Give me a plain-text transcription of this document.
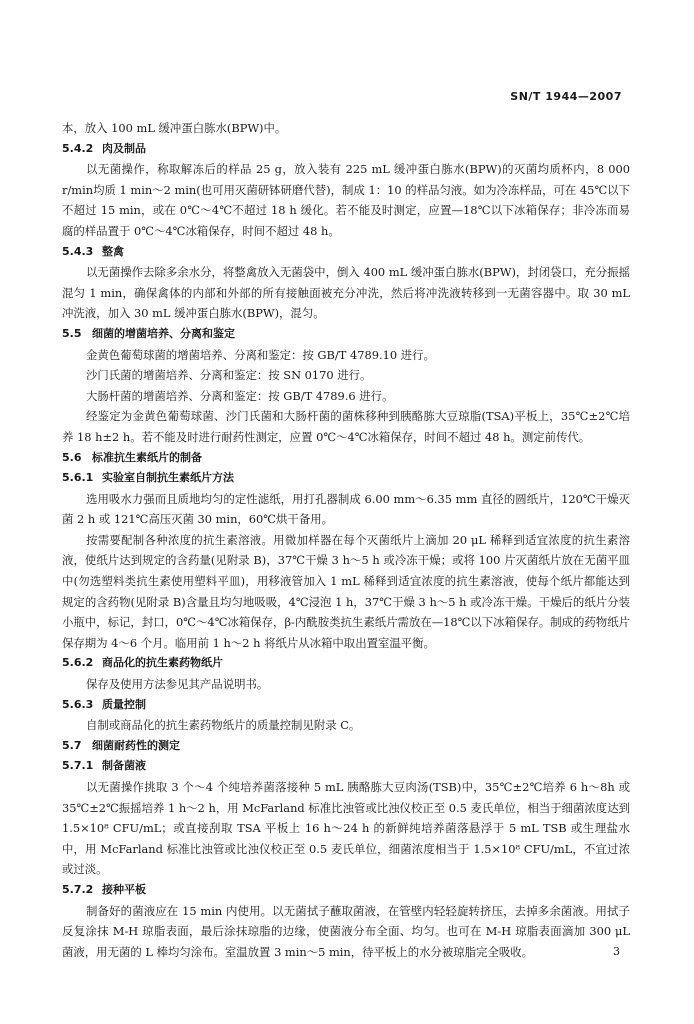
SN/T 1944—2007

本，放入 100 mL 缓冲蛋白胨水(BPW)中。

5.4.2 肉及制品

以无菌操作，称取解冻后的样品 25 g，放入装有 225 mL 缓冲蛋白胨水(BPW)的灭菌均质杯内，8 000 r/min均质 1 min～2 min(也可用灭菌研钵研磨代替)，制成 1：10 的样品匀液。如为冷冻样品，可在 45℃以下不超过 15 min，或在 0℃～4℃不超过 18 h 缓化。若不能及时测定，应置—18℃以下冰箱保存；非冷冻而易腐的样品置于 0℃～4℃冰箱保存，时间不超过 48 h。

5.4.3 整禽

以无菌操作去除多余水分，将整禽放入无菌袋中，倒入 400 mL 缓冲蛋白胨水(BPW)，封闭袋口，充分振摇混匀 1 min，确保禽体的内部和外部的所有接触面被充分冲洗，然后将冲洗液转移到一无菌容器中。取 30 mL 冲洗液，加入 30 mL 缓冲蛋白胨水(BPW)，混匀。

5.5 细菌的增菌培养、分离和鉴定

金黄色葡萄球菌的增菌培养、分离和鉴定：按 GB/T 4789.10 进行。

沙门氏菌的增菌培养、分离和鉴定：按 SN 0170 进行。

大肠杆菌的增菌培养、分离和鉴定：按 GB/T 4789.6 进行。

经鉴定为金黄色葡萄球菌、沙门氏菌和大肠杆菌的菌株移种到胰酪胨大豆琼脂(TSA)平板上，35℃±2℃培养 18 h±2 h。若不能及时进行耐药性测定，应置 0℃～4℃冰箱保存，时间不超过 48 h。测定前传代。

5.6 标准抗生素纸片的制备
5.6.1 实验室自制抗生素纸片方法

选用吸水力强而且质地均匀的定性滤纸，用打孔器制成 6.00 mm～6.35 mm 直径的圆纸片，120℃干燥灭菌 2 h 或 121℃高压灭菌 30 min，60℃烘干备用。

按需要配制各种浓度的抗生素溶液。用微加样器在每个灭菌纸片上滴加 20 μL 稀释到适宜浓度的抗生素溶液，使纸片达到规定的含药量(见附录 B)，37℃干燥 3 h～5 h 或冷冻干燥；或将 100 片灭菌纸片放在无菌平皿中(勿选塑料类抗生素使用塑料平皿)，用移液管加入 1 mL 稀释到适宜浓度的抗生素溶液，使每个纸片都能达到规定的含药物(见附录 B)含量且均匀地吸吸，4℃浸泡 1 h，37℃干燥 3 h～5 h 或冷冻干燥。干燥后的纸片分装小瓶中，标记，封口，0℃～4℃冰箱保存，β-内酰胺类抗生素纸片需放在—18℃以下冰箱保存。制成的药物纸片保存期为 4～6 个月。临用前 1 h～2 h 将纸片从冰箱中取出置室温平衡。

5.6.2 商品化的抗生素药物纸片

保存及使用方法参见其产品说明书。

5.6.3 质量控制

自制或商品化的抗生素药物纸片的质量控制见附录 C。

5.7 细菌耐药性的测定
5.7.1 制备菌液

以无菌操作挑取 3 个～4 个纯培养菌落接种 5 mL 胰酪胨大豆肉汤(TSB)中，35℃±2℃培养 6 h～8h 或 35℃±2℃振摇培养 1 h～2 h，用 McFarland 标准比浊管或比浊仪校正至 0.5 麦氏单位，相当于细菌浓度达到 1.5×10⁸ CFU/mL；或直接刮取 TSA 平板上 16 h～24 h 的新鲜纯培养菌落悬浮于 5 mL TSB 或生理盐水中，用 McFarland 标准比浊管或比浊仪校正至 0.5 麦氏单位，细菌浓度相当于 1.5×10⁸ CFU/mL，不宜过浓或过淡。

5.7.2 接种平板

制备好的菌液应在 15 min 内使用。以无菌拭子蘸取菌液，在管壁内轻轻旋转挤压，去掉多余菌液。用拭子反复涂抹 M-H 琼脂表面，最后涂抹琼脂的边缘，使菌液分布全面、均匀。也可在 M-H 琼脂表面滴加 300 μL 菌液，用无菌的 L 棒均匀涂布。室温放置 3 min～5 min，待平板上的水分被琼脂完全吸收。	3
